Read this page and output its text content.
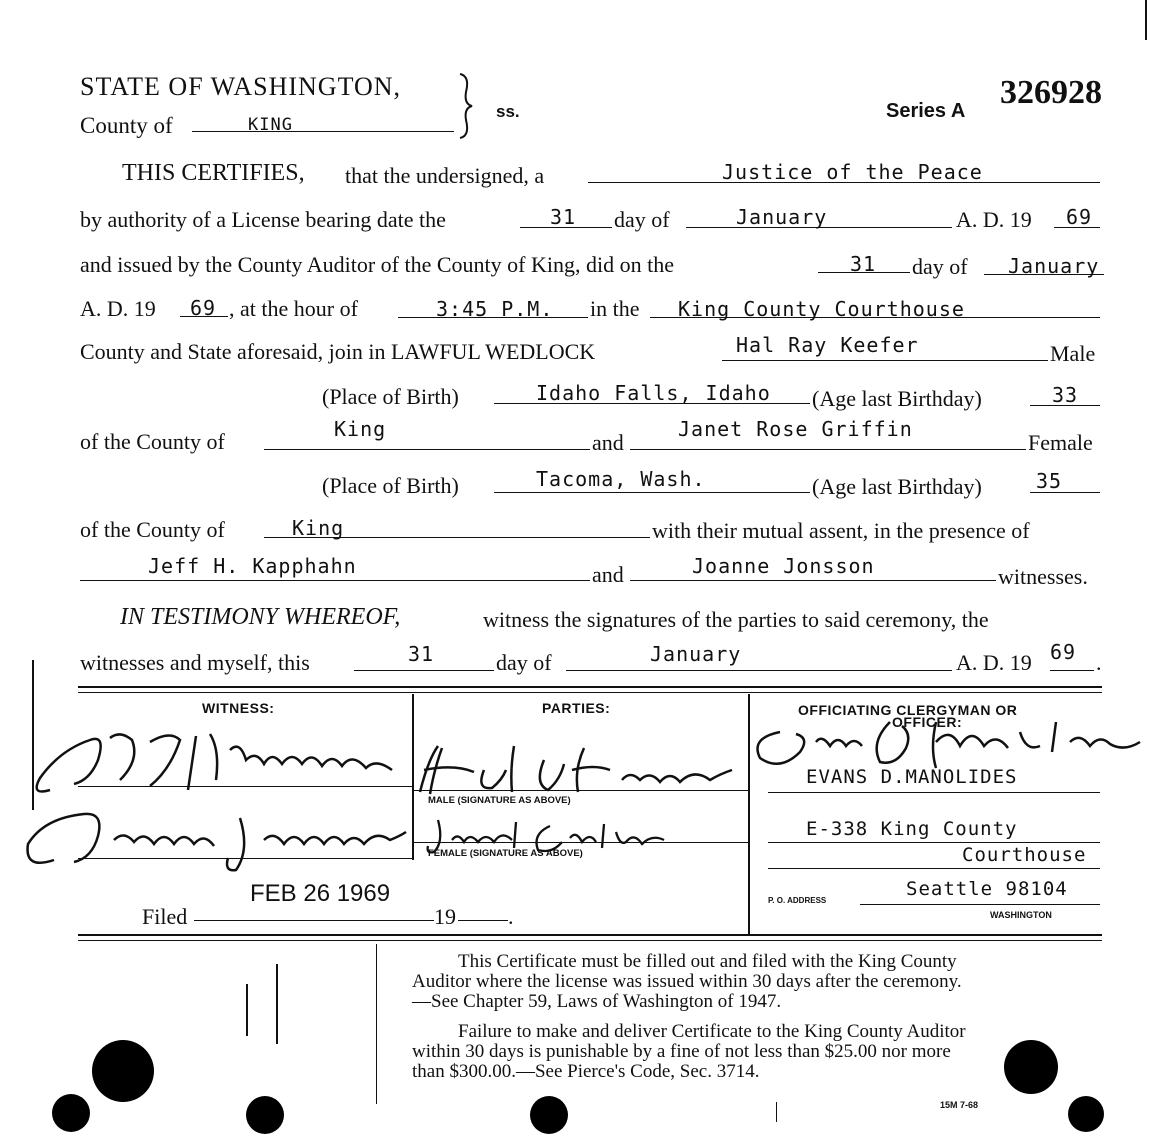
STATE OF WASHINGTON,
County of	KING
ss.	Series A 326928
THIS CERTIFIES, that the undersigned, a	Justice of the Peace
by authority of a License bearing date the	31 day of	January	A. D. 19 69
and issued by the County Auditor of the County of King, did on the	31 day of January
A. D. 19 69 , at the hour of	3:45 P.M. in the King County Courthouse
County and State aforesaid, join in LAWFUL WEDLOCK	Hal Ray Keefer	Male
(Place of Birth)	Idaho Falls, Idaho (Age last Birthday)	33
of the County of	King
and
Janet Rose Griffin
Female
(Place of Birth)	Tacoma, Wash.	(Age last Birthday)	35
of the County of	King	with their mutual assent, in the presence of
Jeff H. Kapphahn	and	Joanne Jonsson	witnesses.
IN TESTIMONY WHEREOF,	witness the signatures of the parties to said ceremony, the
witnesses and myself, this	31	day of	January	A. D. 19 69 .
WITNESS:	PARTIES:	OFFICIATING CLERGYMAN OR
OFFICER:
MALE (SIGNATURE AS ABOVE)
FEMALE (SIGNATURE AS ABOVE)
EVANS D.MANOLIDES
E-338 King County
Courthouse
P. O. ADDRESS
Seattle 98104
WASHINGTON
Filed
FEB 26 1969
19 .
This Certificate must be filled out and filed with the King County
Auditor where the license was issued within 30 days after the ceremony.
—See Chapter 59, Laws of Washington of 1947.
Failure to make and deliver Certificate to the King County Auditor
within 30 days is punishable by a fine of not less than $25.00 nor more
than $300.00.—See Pierce's Code, Sec. 3714.
15M 7-68
